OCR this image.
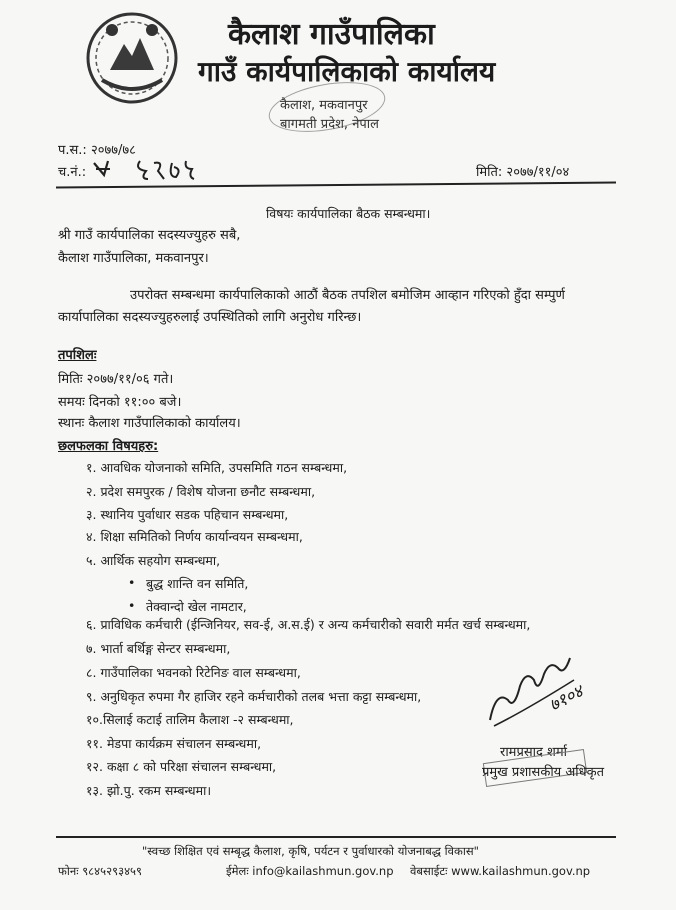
कैलाश गाउँपालिका
गाउँ कार्यपालिकाको कार्यालय
कैलाश, मकवानपुर
बागमती प्रदेश, नेपाल
प.स.: २०७७/७८
च.नं.:	मिति: २०७७/११/०४
विषयः कार्यपालिका बैठक सम्बन्धमा।
श्री गाउँ कार्यपालिका सदस्यज्युहरु सबै,
कैलाश गाउँपालिका, मकवानपुर।
उपरोक्त सम्बन्धमा कार्यपालिकाको आठौं बैठक तपशिल बमोजिम आव्हान गरिएको हुँदा सम्पुर्ण
कार्यापालिका सदस्यज्युहरुलाई उपस्थितिको लागि अनुरोध गरिन्छ।
तपशिलः
मितिः २०७७/११/०६ गते।
समयः दिनको ११:०० बजे।
स्थानः कैलाश गाउँपालिकाको कार्यालय।
छलफलका विषयहरु:
१. आवधिक योजनाको समिति, उपसमिति गठन सम्बन्धमा,
२. प्रदेश समपुरक / विशेष योजना छनौट सम्बन्धमा,
३. स्थानिय पुर्वाधार सडक पहिचान सम्बन्धमा,
४. शिक्षा समितिको निर्णय कार्यान्वयन सम्बन्धमा,
५. आर्थिक सहयोग सम्बन्धमा,
• बुद्ध शान्ति वन समिति,
• तेक्वान्दो खेल नामटार,
६. प्राविधिक कर्मचारी (ईन्जिनियर, सव-ई, अ.स.ई) र अन्य कर्मचारीको सवारी मर्मत खर्च सम्बन्धमा,
७. भार्ता बर्थिङ्ग सेन्टर सम्बन्धमा,
८. गाउँपालिका भवनको रिटेनिङ वाल सम्बन्धमा,
९. अनुधिकृत रुपमा गैर हाजिर रहने कर्मचारीको तलब भत्ता कट्टा सम्बन्धमा,
१०.सिलाई कटाई तालिम कैलाश -२ सम्बन्धमा,
११. मेडपा कार्यक्रम संचालन सम्बन्धमा,
१२. कक्षा ८ को परिक्षा संचालन सम्बन्धमा,
१३. झो.पु. रकम सम्बन्धमा।
७१०४
रामप्रसाद शर्मा
प्रमुख प्रशासकीय अधिकृत
"स्वच्छ शिक्षित एवं सम्बृद्ध कैलाश, कृषि, पर्यटन र पुर्वाधारको योजनाबद्ध विकास"
फोनः ९८४५२९३४५९	ईमेलः info@kailashmun.gov.np वेबसाईटः www.kailashmun.gov.np
